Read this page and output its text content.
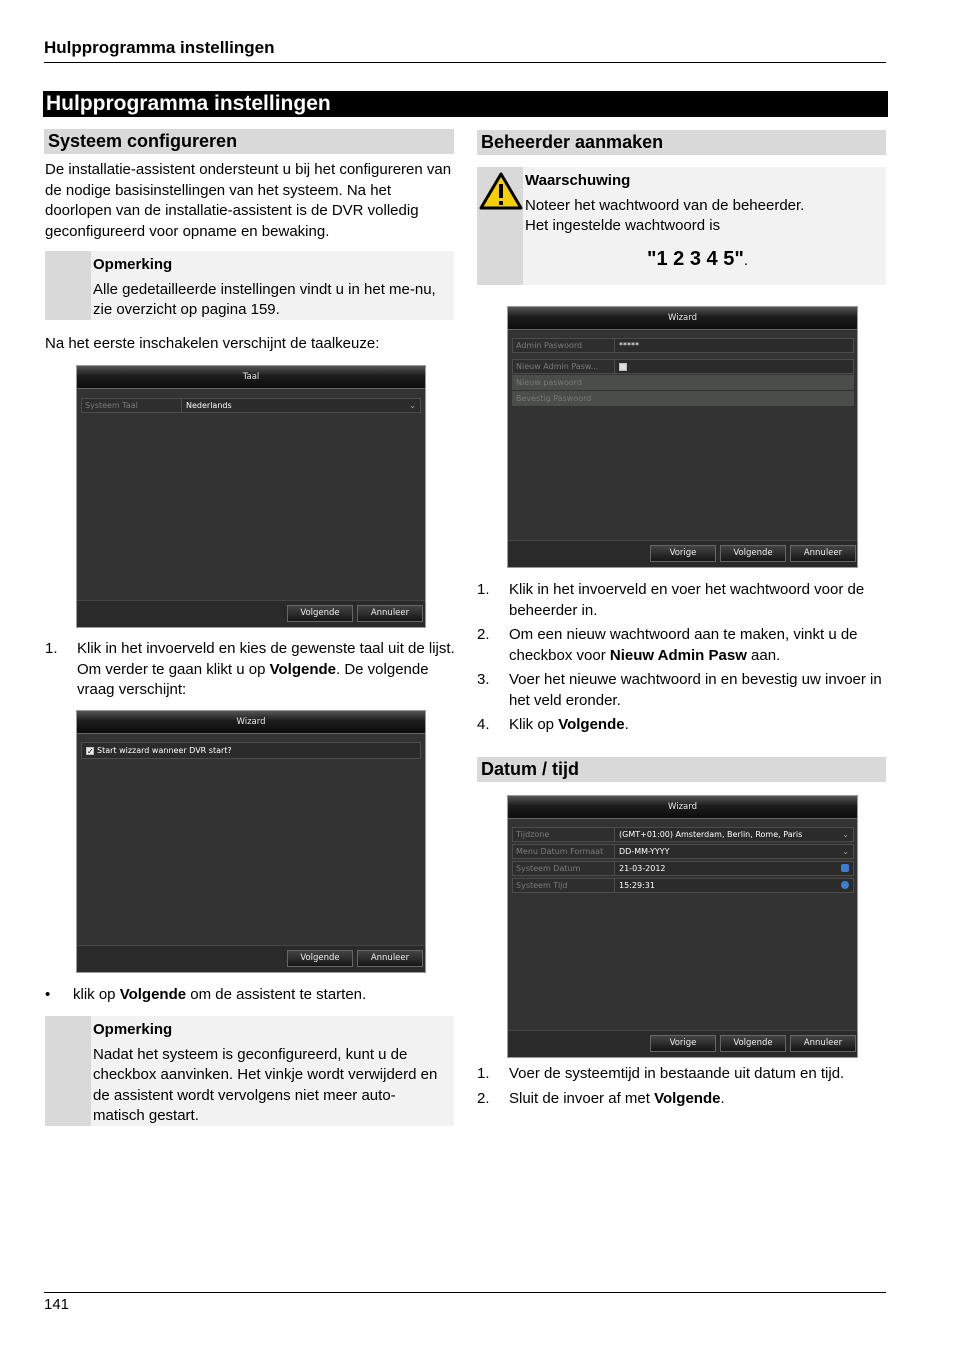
Hulpprogramma instellingen
Hulpprogramma instellingen
Systeem configureren
De installatie-assistent ondersteunt u bij het configureren van de nodige basisinstellingen van het systeem. Na het doorlopen van de installatie-assistent is de DVR volledig geconfigureerd voor opname en bewaking.
Opmerking
Alle gedetailleerde instellingen vindt u in het me-nu, zie overzicht op pagina 159.
Na het eerste inschakelen verschijnt de taalkeuze:
Taal
Systeem Taal	Nederlands	⌄
Volgende	Annuleer
1. Klik in het invoerveld en kies de gewenste taal uit de lijst. Om verder te gaan klikt u op Volgende. De volgende vraag verschijnt:
Wizard
✓Start wizzard wanneer DVR start?
Volgende	Annuleer
• klik op Volgende om de assistent te starten.
Opmerking
Nadat het systeem is geconfigureerd, kunt u de checkbox aanvinken. Het vinkje wordt verwijderd en de assistent wordt vervolgens niet meer auto-matisch gestart.
Beheerder aanmaken
Waarschuwing
Noteer het wachtwoord van de beheerder.
Het ingestelde wachtwoord is
"1 2 3 4 5".
Wizard
Admin Paswoord	*****
Nieuw Admin Pasw...
Nieuw paswoord
Bevestig Paswoord
Vorige	Volgende	Annuleer
1. Klik in het invoerveld en voer het wachtwoord voor de beheerder in.
2. Om een nieuw wachtwoord aan te maken, vinkt u de checkbox voor Nieuw Admin Pasw aan.
3. Voer het nieuwe wachtwoord in en bevestig uw invoer in het veld eronder.
4. Klik op Volgende.
Datum / tijd
Wizard
Tijdzone	(GMT+01:00) Amsterdam, Berlin, Rome, Paris	⌄
Menu Datum Formaat	DD-MM-YYYY	⌄
Systeem Datum	21-03-2012
Systeem Tijd	15:29:31
Vorige	Volgende	Annuleer
1. Voer de systeemtijd in bestaande uit datum en tijd.
2. Sluit de invoer af met Volgende.
141
